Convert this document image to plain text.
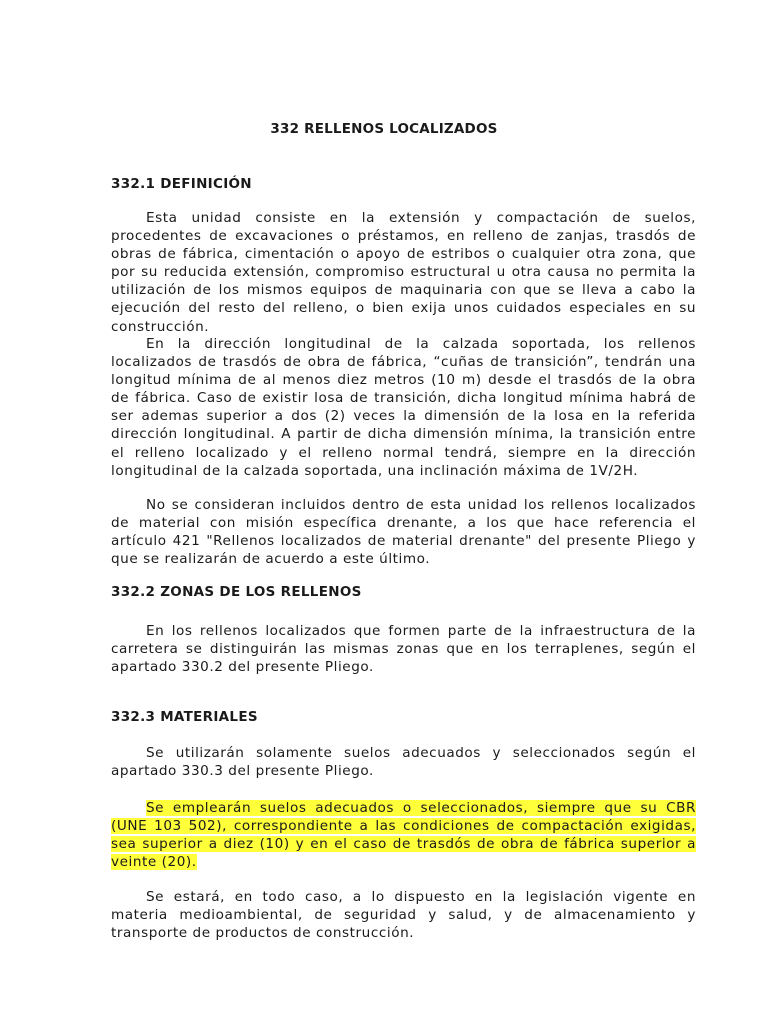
332 RELLENOS LOCALIZADOS
332.1 DEFINICIÓN

Esta unidad consiste en la extensión y compactación de suelos, procedentes de excavaciones o préstamos, en relleno de zanjas, trasdós de obras de fábrica, cimentación o apoyo de estribos o cualquier otra zona, que por su reducida extensión, compromiso estructural u otra causa no permita la utilización de los mismos equipos de maquinaria con que se lleva a cabo la ejecución del resto del relleno, o bien exija unos cuidados especiales en su construcción.

En la dirección longitudinal de la calzada soportada, los rellenos localizados de trasdós de obra de fábrica, “cuñas de transición”, tendrán una longitud mínima de al menos diez metros (10 m) desde el trasdós de la obra de fábrica. Caso de existir losa de transición, dicha longitud mínima habrá de ser ademas superior a dos (2) veces la dimensión de la losa en la referida dirección longitudinal. A partir de dicha dimensión mínima, la transición entre el relleno localizado y el relleno normal tendrá, siempre en la dirección longitudinal de la calzada soportada, una inclinación máxima de 1V/2H.

No se consideran incluidos dentro de esta unidad los rellenos localizados de material con misión específica drenante, a los que hace referencia el artículo 421 "Rellenos localizados de material drenante" del presente Pliego y que se realizarán de acuerdo a este último.

332.2 ZONAS DE LOS RELLENOS

En los rellenos localizados que formen parte de la infraestructura de la carretera se distinguirán las mismas zonas que en los terraplenes, según el apartado 330.2 del presente Pliego.

332.3 MATERIALES

Se utilizarán solamente suelos adecuados y seleccionados según el apartado 330.3 del presente Pliego.

Se emplearán suelos adecuados o seleccionados, siempre que su CBR (UNE 103 502), correspondiente a las condiciones de compactación exigidas, sea superior a diez (10) y en el caso de trasdós de obra de fábrica superior a veinte (20).

Se estará, en todo caso, a lo dispuesto en la legislación vigente en materia medioambiental, de seguridad y salud, y de almacenamiento y transporte de productos de construcción.
